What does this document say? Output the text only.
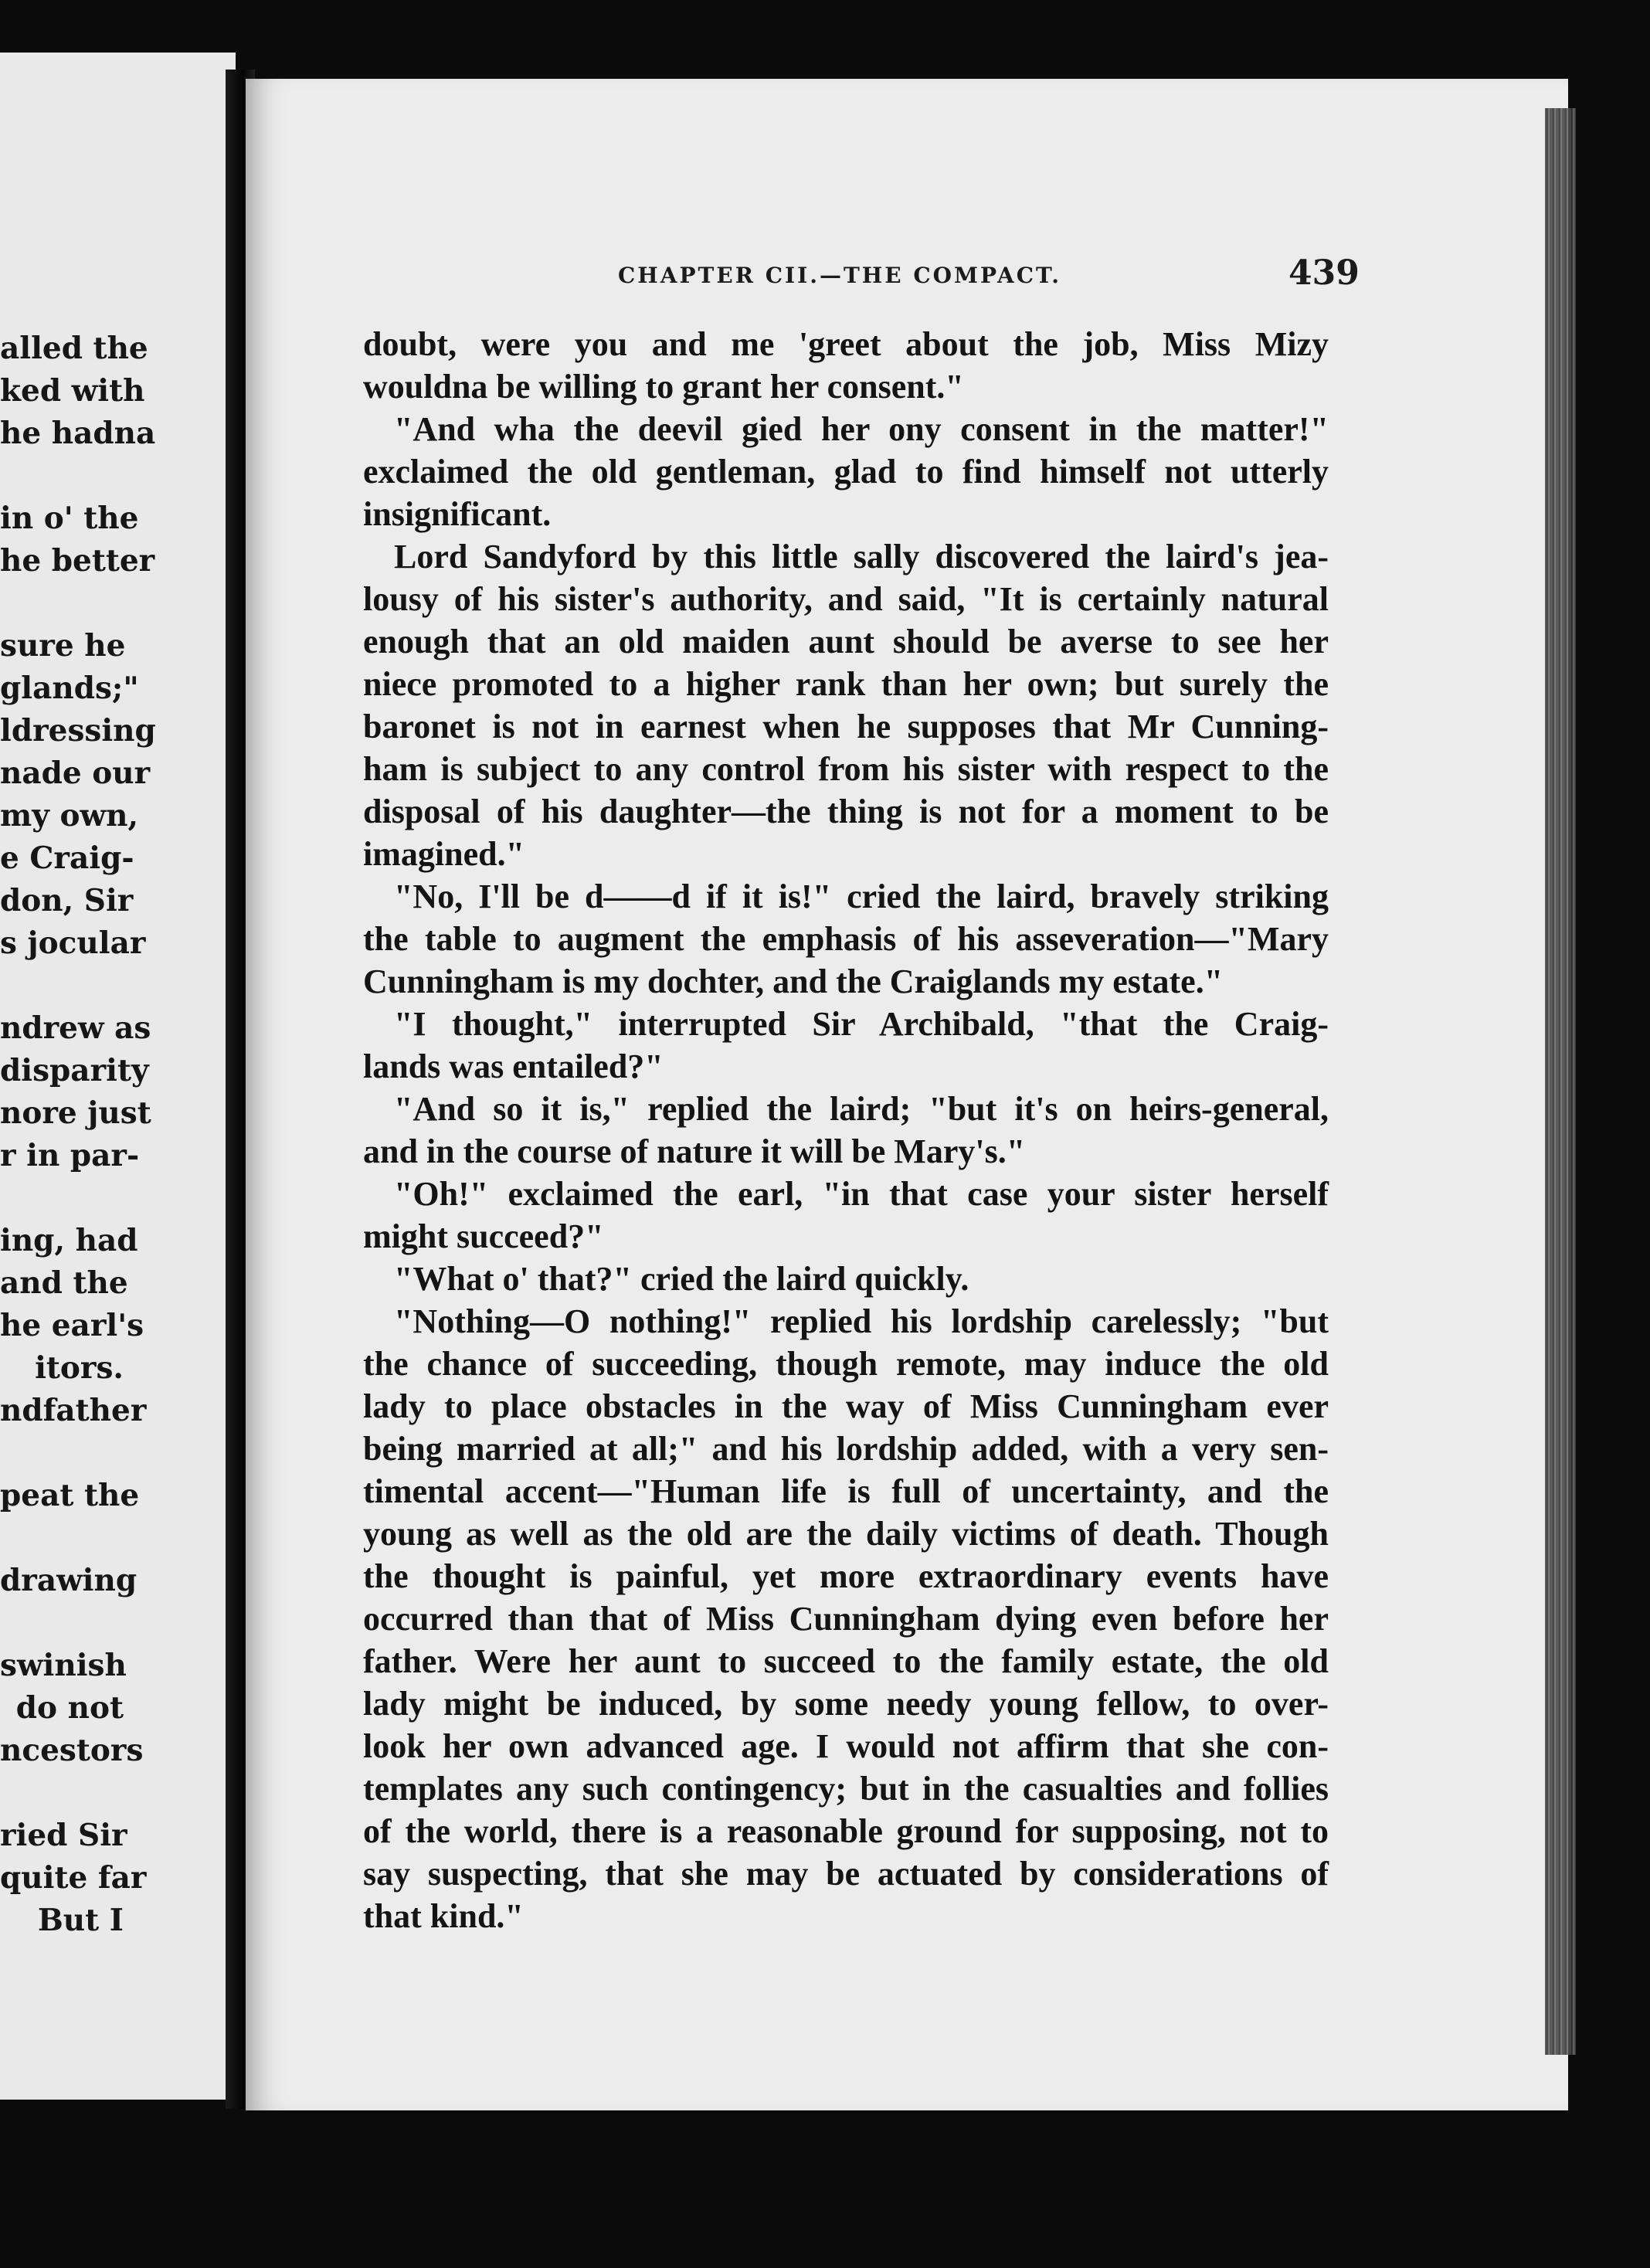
alled the
ked with
he hadna
in o' the
he better
sure he
glands;"
ldressing
nade our
my own,
e Craig-
don, Sir
s jocular
ndrew as
disparity
nore just
r in par-
ing, had
and the
he earl's
itors.
ndfather
peat the
drawing
swinish
do not
ncestors
ried Sir
quite far
But I
CHAPTER CII.—THE COMPACT.	439
doubt, were you and me 'greet about the job, Miss Mizy
wouldna be willing to grant her consent."
"And wha the deevil gied her ony consent in the matter!"
exclaimed the old gentleman, glad to find himself not utterly
insignificant.
Lord Sandyford by this little sally discovered the laird's jea-
lousy of his sister's authority, and said, "It is certainly natural
enough that an old maiden aunt should be averse to see her
niece promoted to a higher rank than her own; but surely the
baronet is not in earnest when he supposes that Mr Cunning-
ham is subject to any control from his sister with respect to the
disposal of his daughter—the thing is not for a moment to be
imagined."
"No, I'll be d——d if it is!" cried the laird, bravely striking
the table to augment the emphasis of his asseveration—"Mary
Cunningham is my dochter, and the Craiglands my estate."
"I thought," interrupted Sir Archibald, "that the Craig-
lands was entailed?"
"And so it is," replied the laird; "but it's on heirs-general,
and in the course of nature it will be Mary's."
"Oh!" exclaimed the earl, "in that case your sister herself
might succeed?"
"What o' that?" cried the laird quickly.
"Nothing—O nothing!" replied his lordship carelessly; "but
the chance of succeeding, though remote, may induce the old
lady to place obstacles in the way of Miss Cunningham ever
being married at all;" and his lordship added, with a very sen-
timental accent—"Human life is full of uncertainty, and the
young as well as the old are the daily victims of death. Though
the thought is painful, yet more extraordinary events have
occurred than that of Miss Cunningham dying even before her
father. Were her aunt to succeed to the family estate, the old
lady might be induced, by some needy young fellow, to over-
look her own advanced age. I would not affirm that she con-
templates any such contingency; but in the casualties and follies
of the world, there is a reasonable ground for supposing, not to
say suspecting, that she may be actuated by considerations of
that kind."
